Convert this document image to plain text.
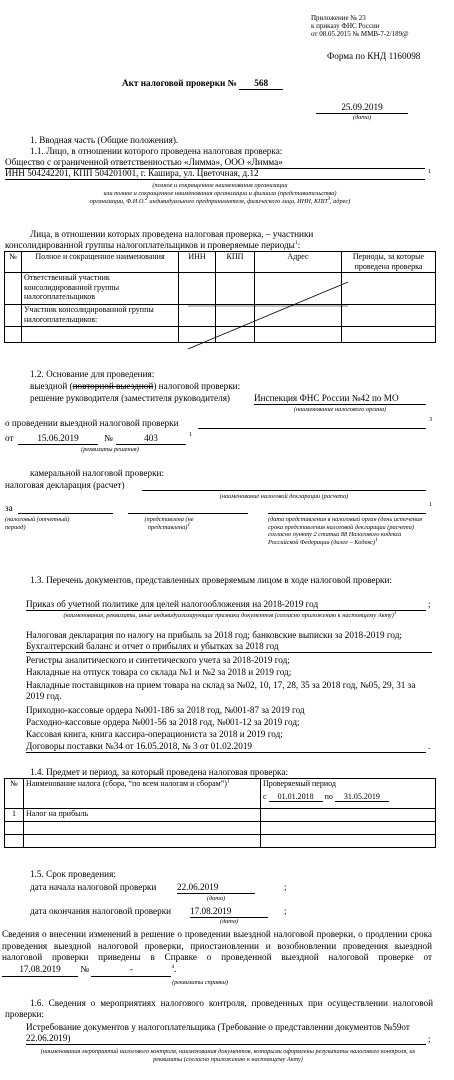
Приложение № 23
к приказу ФНС России
от 08.05.2015 № ММВ-7-2/189@
Форма по КНД 1160098
Акт налоговой проверки № 568
25.09.2019
(дата)
1. Вводная часть (Общие положения).
1.1. Лицо, в отношении которого проведена налоговая проверка:
Общество с ограниченной ответственностью «Лимма», ООО «Лимма»
ИНН 504242201, КПП 504201001, г. Кашира, ул. Цветочная, д.12	1
(полное и сокращенное наименования организации
или полное и сокращенное наименования организации и филиала (представительства)
организации, Ф.И.О.$^2$ индивидуального предпринимателя, физического лица, ИНН, КПП$^3$, адрес)
Лица, в отношении которых проведена налоговая проверка, – участники
консолидированной группы налогоплательщиков и проверяемые периоды$^1$:
№	Полное и сокращенное наименования	ИНН	КПП	Адрес	Периоды, за которые проведена проверка
	Ответственный участник консолидированной группы налогоплательщиков				
	Участник консолидированной группы налогоплательщиков:				

1.2. Основание для проведения:
выездной (повторной выездной) налоговой проверки:
решение руководителя (заместителя руководителя)	Инспекция ФНС России №42 по МО
(наименование налогового органа)
о проведении выездной налоговой проверки	3
от	15.06.2019	№	403	1
(реквизиты решения)
камеральной налоговой проверки:
налоговая декларация (расчет)
(наименование налоговой декларации (расчета)
за	1
(налоговый (отчетный) период)
(представлена (не представлена)$^1$
(дата представления в налоговый орган (день истечения срока представления налоговой декларации (расчета) согласно пункту 2 статьи 88 Налогового кодекса Российской Федерации (далее – Кодекс)$^1$
1.3. Перечень документов, представленных проверяемым лицом в ходе налоговой проверки:
Приказ об учетной политике для целей налогообложения на 2018-2019 год	;
(наименования, реквизиты, иные индивидуализирующие признаки документов (согласно приложению к настоящему Акту)$^1$
Налоговая декларация по налогу на прибыль за 2018 год; банковские выписки за 2018-2019 год; Бухгалтерский баланс и отчет о прибылях и убытках за 2018 год
Регистры аналитического и синтетического учета за 2018-2019 год;
Накладные на отпуск товара со склада №1 и №2 за 2018 и 2019 год;
Накладные поставщиков на прием товара на склад за №02, 10, 17, 28, 35 за 2018 год, №05, 29, 31 за 2019 год.
Приходно-кассовые ордера №001-186 за 2018 год, №001-87 за 2019 год
Расходно-кассовые ордера №001-56 за 2018 год, №001-12 за 2019 год;
Кассовая книга, книга кассира-операциониста за 2018 и 2019 год;
Договоры поставки №34 от 16.05.2018, № 3 от 01.02.2019	.
1.4. Предмет и период, за который проведена налоговая проверка:
№	Наименование налога (сбора, “по всем налогам и сборам”)$^1$	Проверяемый период
с 01.01.2018 по 31.05.2019

1	Налог на прибыль	

1.5. Срок проведения:
дата начала налоговой проверки 22.06.2019	;
(дата)
дата окончания налоговой проверки 17.08.2019	;
(дата)
Сведения о внесении изменений в решение о проведении выездной налоговой проверки, о продлении срока проведения выездной налоговой проверки, приостановлении и возобновлении проведения выездной налоговой проверки приведены в Справке о проведенной выездной налоговой проверке от 17.08.2019 №	-	$^4$.
(реквизиты справки)
1.6. Сведения о мероприятиях налогового контроля, проведенных при осуществлении налоговой проверки:
Истребование документов у налогоплательщика (Требование о представлении документов №59от 22.06.2019)	;
(наименования мероприятий налогового контроля, наименования документов, которыми оформлены результаты налогового контроля, их реквизиты (согласно приложению к настоящему Акту)
